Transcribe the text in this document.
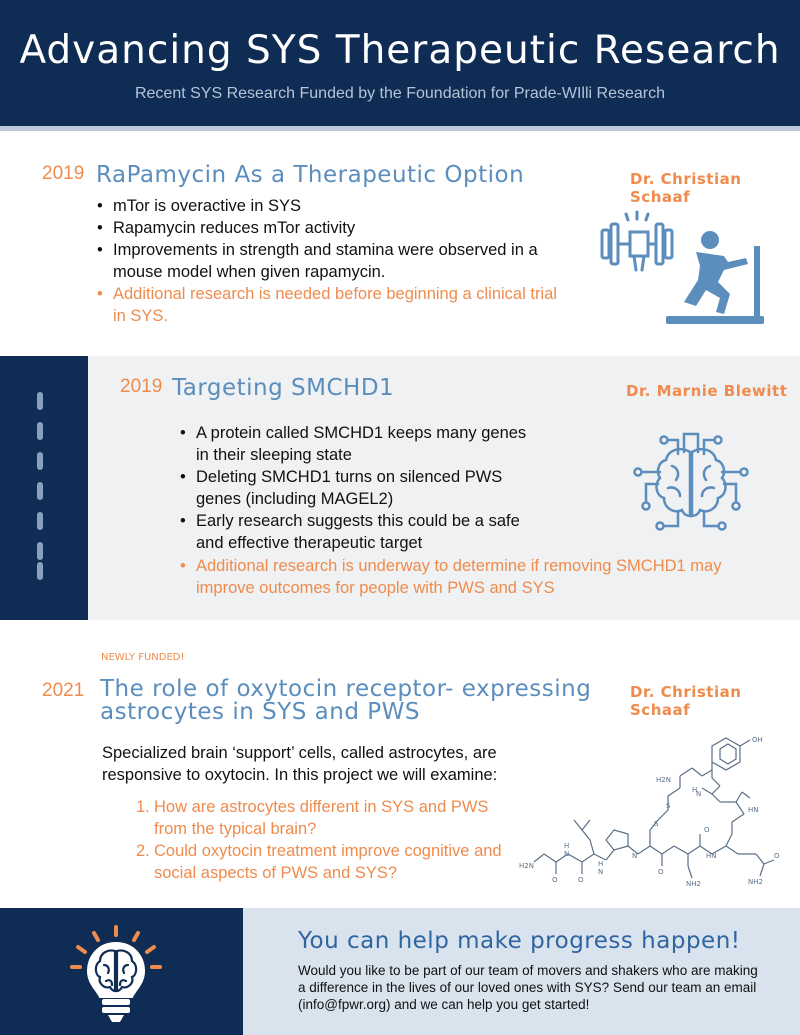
Advancing SYS Therapeutic Research
Recent SYS Research Funded by the Foundation for Prade-WIlli Research
2019 RaPamycin As a Therapeutic Option	Dr. Christian Schaaf
• mTor is overactive in SYS
• Rapamycin reduces mTor activity
• Improvements in strength and stamina were observed in a mouse model when given rapamycin.
• Additional research is needed before beginning a clinical trial in SYS.
2019 Targeting SMCHD1	Dr. Marnie Blewitt
• A protein called SMCHD1 keeps many genes in their sleeping state
• Deleting SMCHD1 turns on silenced PWS genes (including MAGEL2)
• Early research suggests this could be a safe and effective therapeutic target
• Additional research is underway to determine if removing SMCHD1 may improve outcomes for people with PWS and SYS
NEWLY FUNDED!
2021 The role of oxytocin receptor- expressing
astrocytes in SYS and PWS
Dr. Christian Schaaf
Specialized brain ‘support’ cells, called astrocytes, are responsive to oxytocin. In this project we will examine:
1. How are astrocytes different in SYS and PWS from the typical brain?
2. Could oxytocin treatment improve cognitive and social aspects of PWS and SYS?
OH
H2N
H2N
HN
H
N
HN
N
H
N
H
N
O
O
O
O
O
S
S
NH2	NH2
You can help make progress happen!
Would you like to be part of our team of movers and shakers who are making a difference in the lives of our loved ones with SYS? Send our team an email (info@fpwr.org) and we can help you get started!
